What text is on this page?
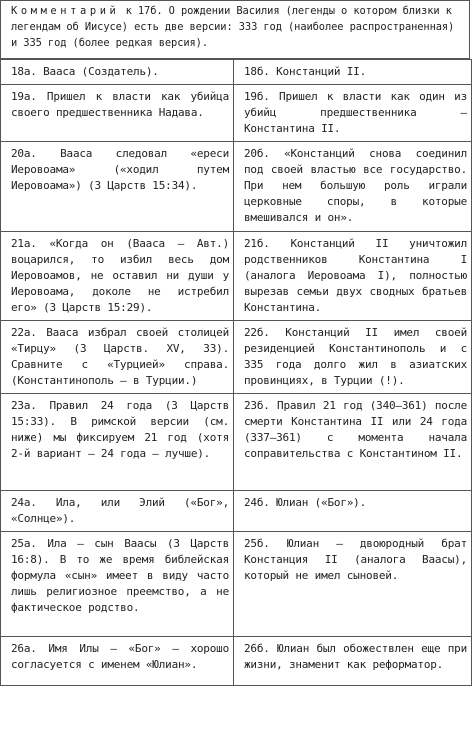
Комментарий к 17б. О рождении Василия (легенды о котором близки к легендам об Иисусе) есть две версии: 333 год (наиболее распространенная) и 335 год (более редкая версия).
18а. Вааса (Создатель).	18б. Констанций II.
19а. Пришел к власти как убийца своего предшественника Надава.	19б. Пришел к власти как один из убийц предшественника – Константина II.
20а. Вааса следовал «ереси Иеровоама» («ходил путем Иеровоама») (3 Царств 15:34).	20б. «Констанций снова соединил под своей властью все государство. При нем большую роль играли церковные споры, в которые вмешивался и он».
21а. «Когда он (Вааса – Авт.) воцарился, то избил весь дом Иеровоамов, не оставил ни души у Иеровоама, доколе не истребил его» (3 Царств 15:29).	21б. Констанций II уничтожил родственников Константина I (аналога Иеровоама I), полностью вырезав семьи двух сводных братьев Константина.
22а. Вааса избрал своей столицей «Тирцу» (3 Царств. XV, 33). Сравните с «Турцией» справа. (Константинополь – в Турции.)	22б. Констанций II имел своей резиденцией Константинополь и с 335 года долго жил в азиатских провинциях, в Турции (!).
23а. Правил 24 года (3 Царств 15:33). В римской версии (см. ниже) мы фиксируем 21 год (хотя 2-й вариант – 24 года – лучше).	23б. Правил 21 год (340–361) после смерти Константина II или 24 года (337–361) с момента начала соправительства с Константином II.
24а. Ила, или Элий («Бог», «Солнце»).	24б. Юлиан («Бог»).
25а. Ила – сын Ваасы (3 Царств 16:8). В то же время библейская формула «сын» имеет в виду часто лишь религиозное преемство, а не фактическое родство.	25б. Юлиан – двоюродный брат Констанция II (аналога Ваасы), который не имел сыновей.
26а. Имя Илы – «Бог» – хорошо согласуется с именем «Юлиан».	26б. Юлиан был обожествлен еще при жизни, знаменит как реформатор.
